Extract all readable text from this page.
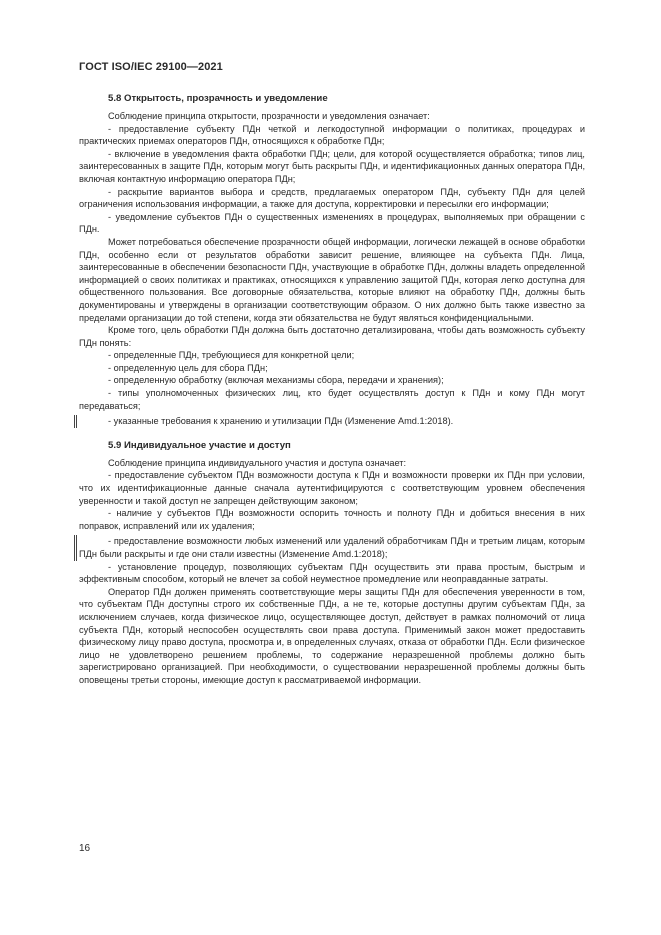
ГОСТ ISO/IEC 29100—2021
5.8 Открытость, прозрачность и уведомление

Соблюдение принципа открытости, прозрачности и уведомления означает:

- предоставление субъекту ПДн четкой и легкодоступной информации о политиках, процедурах и практических приемах операторов ПДн, относящихся к обработке ПДн;

- включение в уведомления факта обработки ПДн; цели, для которой осуществляется обработка; типов лиц, заинтересованных в защите ПДн, которым могут быть раскрыты ПДн, и идентификационных данных оператора ПДн, включая контактную информацию оператора ПДн;

- раскрытие вариантов выбора и средств, предлагаемых оператором ПДн, субъекту ПДн для целей ограничения использования информации, а также для доступа, корректировки и пересылки его информации;

- уведомление субъектов ПДн о существенных изменениях в процедурах, выполняемых при обращении с ПДн.

Может потребоваться обеспечение прозрачности общей информации, логически лежащей в основе обработки ПДн, особенно если от результатов обработки зависит решение, влияющее на субъекта ПДн. Лица, заинтересованные в обеспечении безопасности ПДн, участвующие в обработке ПДн, должны владеть определенной информацией о своих политиках и практиках, относящихся к управлению защитой ПДн, которая легко доступна для общественного пользования. Все договорные обязательства, которые влияют на обработку ПДн, должны быть документированы и утверждены в организации соответствующим образом. О них должно быть также известно за пределами организации до той степени, когда эти обязательства не будут являться конфиденциальными.

Кроме того, цель обработки ПДн должна быть достаточно детализирована, чтобы дать возможность субъекту ПДн понять:

- определенные ПДн, требующиеся для конкретной цели;

- определенную цель для сбора ПДн;

- определенную обработку (включая механизмы сбора, передачи и хранения);

- типы уполномоченных физических лиц, кто будет осуществлять доступ к ПДн и кому ПДн могут передаваться;

- указанные требования к хранению и утилизации ПДн (Изменение Amd.1:2018).

5.9 Индивидуальное участие и доступ

Соблюдение принципа индивидуального участия и доступа означает:

- предоставление субъектом ПДн возможности доступа к ПДн и возможности проверки их ПДн при условии, что их идентификационные данные сначала аутентифицируются с соответствующим уровнем обеспечения уверенности и такой доступ не запрещен действующим законом;

- наличие у субъектов ПДн возможности оспорить точность и полноту ПДн и добиться внесения в них поправок, исправлений или их удаления;

- предоставление возможности любых изменений или удалений обработчикам ПДн и третьим лицам, которым ПДн были раскрыты и где они стали известны (Изменение Amd.1:2018);

- установление процедур, позволяющих субъектам ПДн осуществить эти права простым, быстрым и эффективным способом, который не влечет за собой неуместное промедление или неоправданные затраты.

Оператор ПДн должен применять соответствующие меры защиты ПДн для обеспечения уверенности в том, что субъектам ПДн доступны строго их собственные ПДн, а не те, которые доступны другим субъектам ПДн, за исключением случаев, когда физическое лицо, осуществляющее доступ, действует в рамках полномочий от лица субъекта ПДн, который неспособен осуществлять свои права доступа. Применимый закон может предоставить физическому лицу право доступа, просмотра и, в определенных случаях, отказа от обработки ПДн. Если физическое лицо не удовлетворено решением проблемы, то содержание неразрешенной проблемы должно быть зарегистрировано организацией. При необходимости, о существовании неразрешенной проблемы должны быть оповещены третьи стороны, имеющие доступ к рассматриваемой информации.

16
